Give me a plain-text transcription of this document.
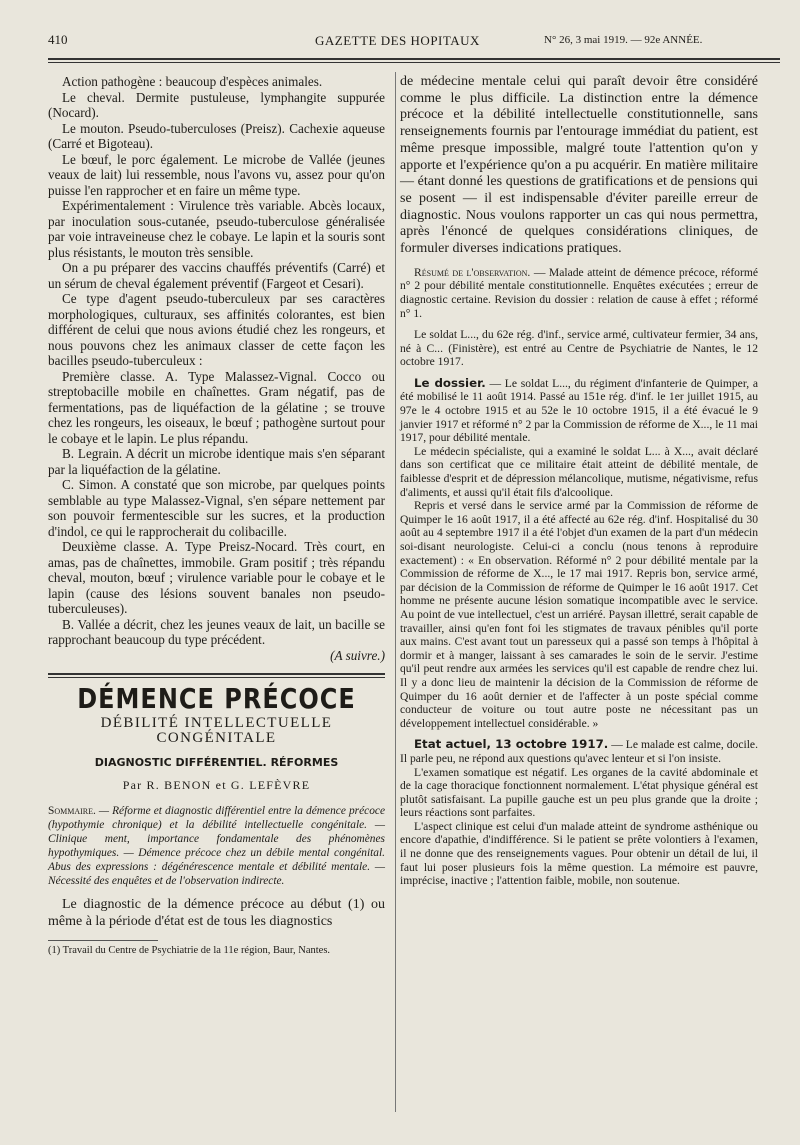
410	GAZETTE DES HOPITAUX	N° 26, 3 mai 1919. — 92e ANNÉE.

Action pathogène : beaucoup d'espèces animales.

Le cheval. Dermite pustuleuse, lymphangite suppurée (Nocard).

Le mouton. Pseudo-tuberculoses (Preisz). Cachexie aqueuse (Carré et Bigoteau).

Le bœuf, le porc également. Le microbe de Vallée (jeunes veaux de lait) lui ressemble, nous l'avons vu, assez pour qu'on puisse l'en rapprocher et en faire un même type.

Expérimentalement : Virulence très variable. Abcès locaux, par inoculation sous-cutanée, pseudo-tuberculose généralisée par voie intraveineuse chez le cobaye. Le lapin et la souris sont plus résistants, le mouton très sensible.

On a pu préparer des vaccins chauffés préventifs (Carré) et un sérum de cheval également préventif (Fargeot et Cesari).

Ce type d'agent pseudo-tuberculeux par ses caractères morphologiques, culturaux, ses affinités colorantes, est bien différent de celui que nous avions étudié chez les rongeurs, et nous pouvons chez les animaux classer de cette façon les bacilles pseudo-tuberculeux :

Première classe. A. Type Malassez-Vignal. Cocco ou streptobacille mobile en chaînettes. Gram négatif, pas de fermentations, pas de liquéfaction de la gélatine ; se trouve chez les rongeurs, les oiseaux, le bœuf ; pathogène surtout pour le cobaye et le lapin. Le plus répandu.

B. Legrain. A décrit un microbe identique mais s'en séparant par la liquéfaction de la gélatine.

C. Simon. A constaté que son microbe, par quelques points semblable au type Malassez-Vignal, s'en sépare nettement par son pouvoir fermentescible sur les sucres, et la production d'indol, ce qui le rapprocherait du colibacille.

Deuxième classe. A. Type Preisz-Nocard. Très court, en amas, pas de chaînettes, immobile. Gram positif ; très répandu cheval, mouton, bœuf ; virulence variable pour le cobaye et le lapin (cause des lésions souvent banales non pseudo-tuberculeuses).

B. Vallée a décrit, chez les jeunes veaux de lait, un bacille se rapprochant beaucoup du type précédent.

(A suivre.)

DÉMENCE PRÉCOCE
DÉBILITÉ INTELLECTUELLE CONGÉNITALE
DIAGNOSTIC DIFFÉRENTIEL. RÉFORMES
Par R. BENON et G. LEFÈVRE

Sommaire. — Réforme et diagnostic différentiel entre la démence précoce (hypothymie chronique) et la débilité intellectuelle congénitale. — Clinique ment, importance fondamentale des phénomènes hypothymiques. — Démence précoce chez un débile mental congénital. Abus des expressions : dégénérescence mentale et débilité mentale. — Nécessité des enquêtes et de l'observation indirecte.

Le diagnostic de la démence précoce au début (1) ou même à la période d'état est de tous les diagnostics

(1) Travail du Centre de Psychiatrie de la 11e région, Baur, Nantes.

de médecine mentale celui qui paraît devoir être considéré comme le plus difficile. La distinction entre la démence précoce et la débilité intellectuelle constitutionnelle, sans renseignements fournis par l'entourage immédiat du patient, est même presque impossible, malgré toute l'attention qu'on y apporte et l'expérience qu'on a pu acquérir. En matière militaire — étant donné les questions de gratifications et de pensions qui se posent — il est indispensable d'éviter pareille erreur de diagnostic. Nous voulons rapporter un cas qui nous permettra, après l'énoncé de quelques considérations cliniques, de formuler diverses indications pratiques.

Résumé de l'observation. — Malade atteint de démence précoce, réformé n° 2 pour débilité mentale constitutionnelle. Enquêtes exécutées ; erreur de diagnostic certaine. Revision du dossier : relation de cause à effet ; réformé n° 1.

Le soldat L..., du 62e rég. d'inf., service armé, cultivateur fermier, 34 ans, né à C... (Finistère), est entré au Centre de Psychiatrie de Nantes, le 12 octobre 1917.

Le dossier. — Le soldat L..., du régiment d'infanterie de Quimper, a été mobilisé le 11 août 1914. Passé au 151e rég. d'inf. le 1er juillet 1915, au 97e le 4 octobre 1915 et au 52e le 10 octobre 1915, il a été évacué le 9 janvier 1917 et réformé n° 2 par la Commission de réforme de X..., le 11 mai 1917, pour débilité mentale.

Le médecin spécialiste, qui a examiné le soldat L... à X..., avait déclaré dans son certificat que ce militaire était atteint de débilité mentale, de faiblesse d'esprit et de dépression mélancolique, mutisme, négativisme, refus d'aliments, et aussi qu'il était fils d'alcoolique.

Repris et versé dans le service armé par la Commission de réforme de Quimper le 16 août 1917, il a été affecté au 62e rég. d'inf. Hospitalisé du 30 août au 4 septembre 1917 il a été l'objet d'un examen de la part d'un médecin soi-disant neurologiste. Celui-ci a conclu (nous tenons à reproduire exactement) : « En observation. Réformé n° 2 pour débilité mentale par la Commission de réforme de X..., le 17 mai 1917. Repris bon, service armé, par décision de la Commission de réforme de Quimper le 16 août 1917. Cet homme ne présente aucune lésion somatique incompatible avec le service. Au point de vue intellectuel, c'est un arriéré. Paysan illettré, serait capable de travailler, ainsi qu'en font foi les stigmates de travaux pénibles qu'il porte aux mains. C'est avant tout un paresseux qui a passé son temps à l'hôpital à dormir et à manger, laissant à ses camarades le soin de le servir. J'estime qu'il peut rendre aux armées les services qu'il est capable de rendre chez lui. Il y a donc lieu de maintenir la décision de la Commission de réforme de Quimper du 16 août dernier et de l'affecter à un poste spécial comme conducteur de voiture ou tout autre poste ne nécessitant pas un développement intellectuel considérable. »

Etat actuel, 13 octobre 1917. — Le malade est calme, docile. Il parle peu, ne répond aux questions qu'avec lenteur et si l'on insiste.

L'examen somatique est négatif. Les organes de la cavité abdominale et de la cage thoracique fonctionnent normalement. L'état physique général est plutôt satisfaisant. La pupille gauche est un peu plus grande que la droite ; leurs réactions sont parfaites.

L'aspect clinique est celui d'un malade atteint de syndrome asthénique ou encore d'apathie, d'indifférence. Si le patient se prête volontiers à l'examen, il ne donne que des renseignements vagues. Pour obtenir un détail de lui, il faut lui poser plusieurs fois la même question. La mémoire est pauvre, imprécise, inactive ; l'attention faible, mobile, non soutenue.
